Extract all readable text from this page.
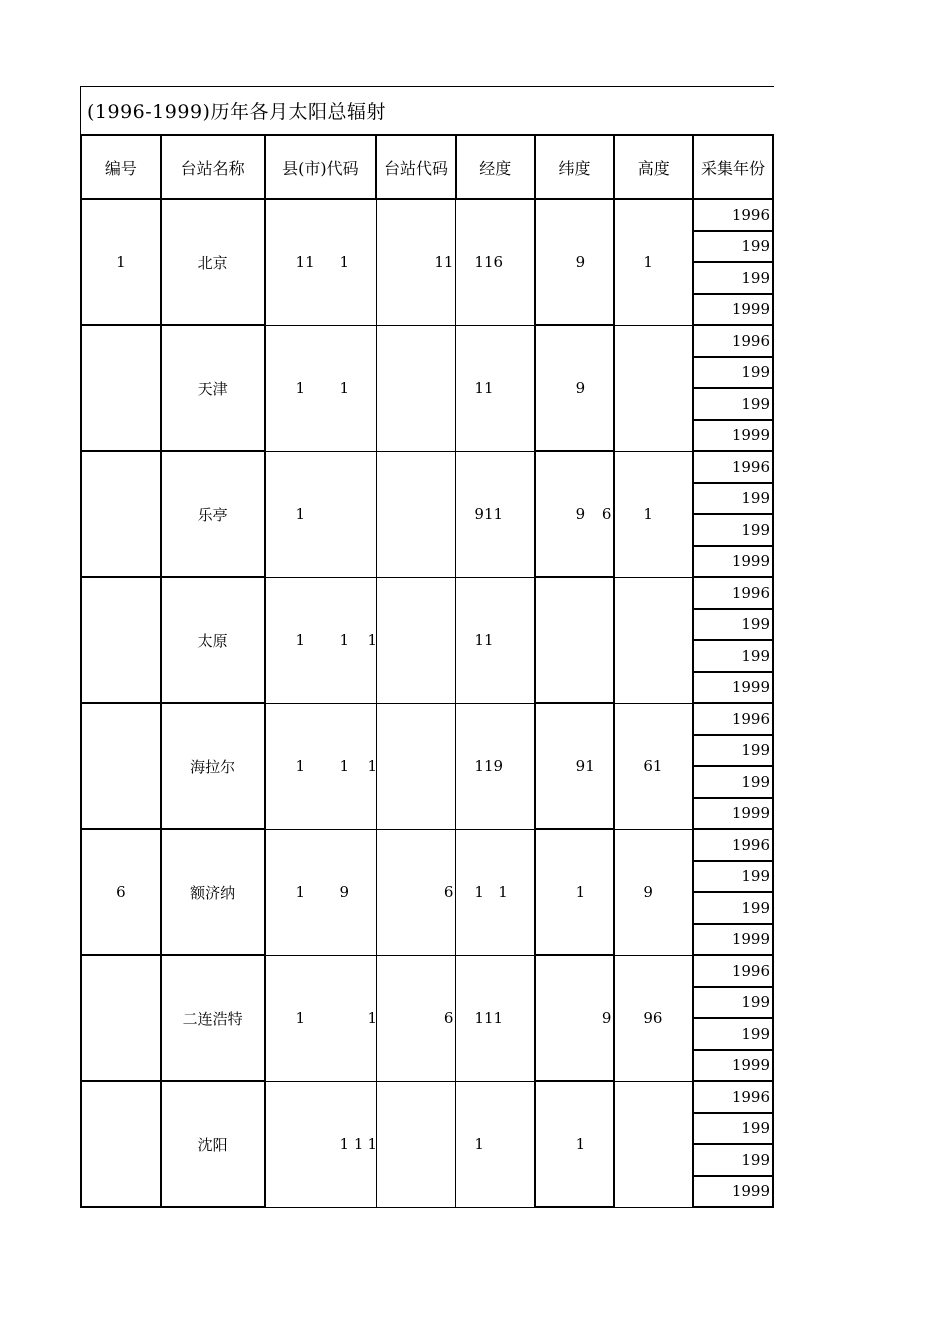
(1996-1999)历年各月太阳总辐射
编号	台站名称	县(市)代码	台站代码	经度	纬度	高度	采集年份
1	北京	11 1	11	116	9	1	1996
							199
							199
							1999
	天津	1 1		11	9		1996
							199
							199
							1999
	乐亭	1		911	9 6	1	1996
							199
							199
							1999
	太原	1 1 1		11			1996
							199
							199
							1999
	海拉尔	1 1 1		119	91	61	1996
							199
							199
							1999
6	额济纳	1 9	6	1   1	1	9	1996
							199
							199
							1999
	二连浩特	1 1	6	111	9	96	1996
							199
							199
							1999
	沈阳	1 1 1		1	1		1996
							199
							199
							1999
